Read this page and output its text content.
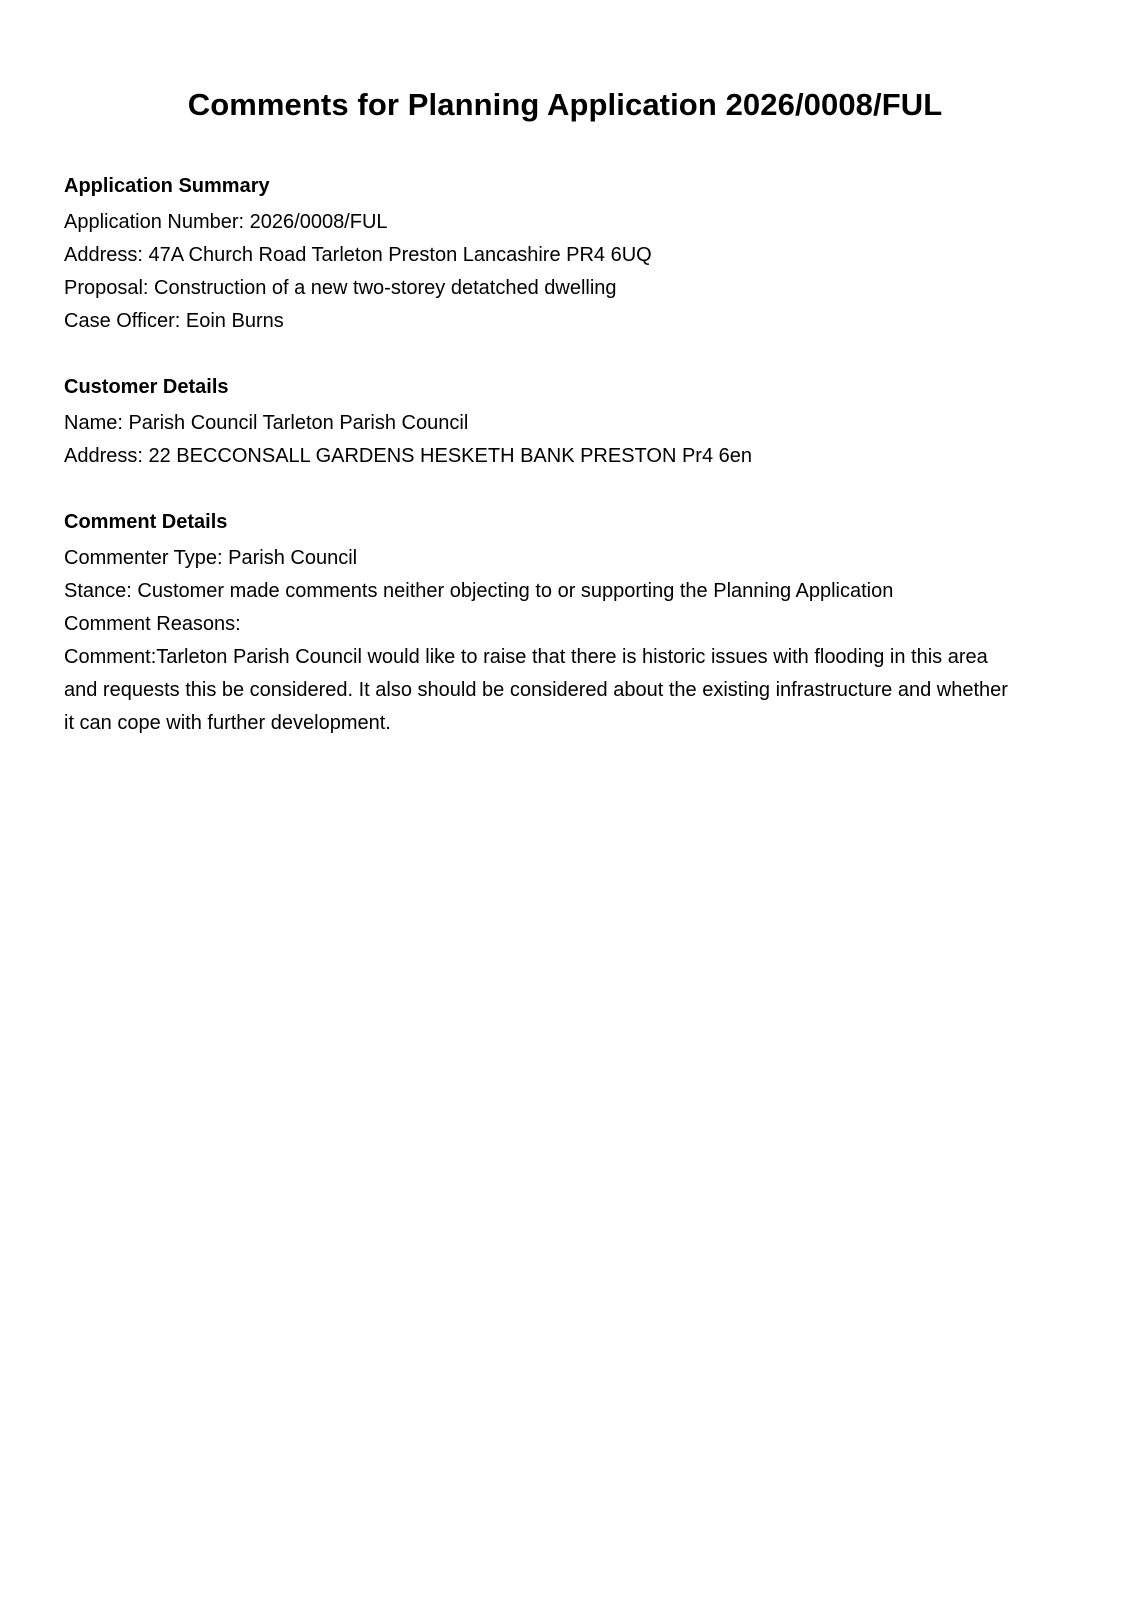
Comments for Planning Application 2026/0008/FUL
Application Summary

Application Number: 2026/0008/FUL

Address: 47A Church Road Tarleton Preston Lancashire PR4 6UQ

Proposal: Construction of a new two-storey detatched dwelling

Case Officer: Eoin Burns

Customer Details

Name: Parish Council Tarleton Parish Council

Address: 22 BECCONSALL GARDENS HESKETH BANK PRESTON Pr4 6en

Comment Details

Commenter Type: Parish Council

Stance: Customer made comments neither objecting to or supporting the Planning Application

Comment Reasons:

Comment:Tarleton Parish Council would like to raise that there is historic issues with flooding in this area and requests this be considered. It also should be considered about the existing infrastructure and whether it can cope with further development.
